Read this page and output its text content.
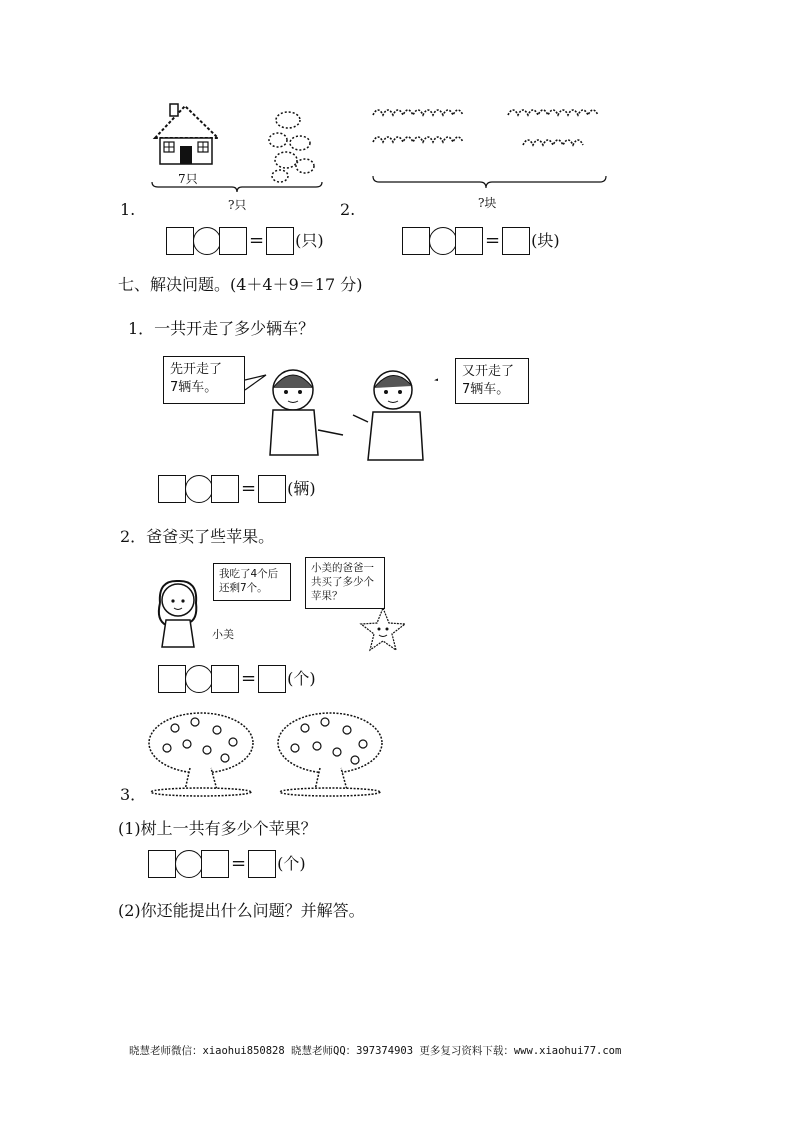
7只
1.	?只
= (只)
2.	?块
= (块)
七、解决问题。(4＋4＋9＝17 分)
1．一共开走了多少辆车？
先开走了
7辆车。
又开走了
7辆车。
= (辆)
2．爸爸买了些苹果。
我吃了4个后
还剩7个。
小美
小美的爸爸一
共买了多少个
苹果？
= (个)
3．
(1)树上一共有多少个苹果？
= (个)
(2)你还能提出什么问题？并解答。
晓慧老师微信：xiaohui850828 晓慧老师QQ：397374903 更多复习资料下载：www.xiaohui77.com
